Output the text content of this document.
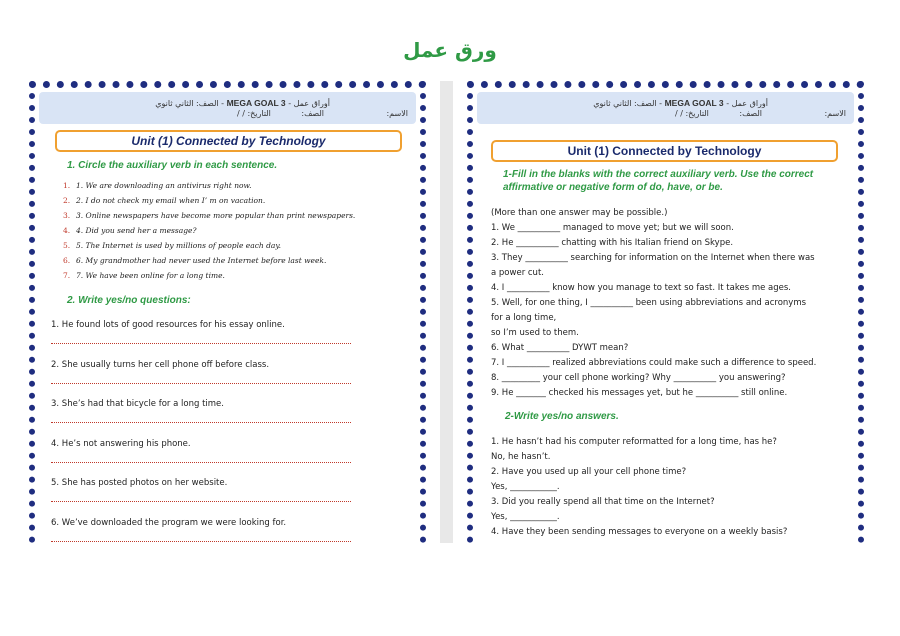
ورق عمل
أوراق عمل - MEGA GOAL 3 - الصف: الثاني ثانوي
الصف:            التاريخ: / /	الاسم:
Unit (1) Connected by Technology
1. Circle the auxiliary verb in each sentence.
1. 1. We are downloading an antivirus right now.
2. 2. I do not check my email when I’ m on vacation.
3. 3. Online newspapers have become more popular than print newspapers.
4. 4. Did you send her a message?
5. 5. The Internet is used by millions of people each day.
6. 6. My grandmother had never used the Internet before last week.
7. 7. We have been online for a long time.
2. Write yes/no questions:
1. He found lots of good resources for his essay online.
2. She usually turns her cell phone off before class.
3. She’s had that bicycle for a long time.
4. He’s not answering his phone.
5. She has posted photos on her website.
6. We’ve downloaded the program we were looking for.
أوراق عمل - MEGA GOAL 3 - الصف: الثاني ثانوي
الصف:            التاريخ: / /	الاسم:
Unit (1) Connected by Technology
1-Fill in the blanks with the correct auxiliary verb. Use the correct affirmative or negative form of do, have, or be.
(More than one answer may be possible.)
1. We __________ managed to move yet; but we will soon.
2. He __________ chatting with his Italian friend on Skype.
3. They __________ searching for information on the Internet when there was
a power cut.
4. I __________ know how you manage to text so fast. It takes me ages.
5. Well, for one thing, I __________ been using abbreviations and acronyms
for a long time,
so I’m used to them.
6. What __________ DYWT mean?
7. I __________ realized abbreviations could make such a difference to speed.
8. _________ your cell phone working? Why __________ you answering?
9. He _______ checked his messages yet, but he __________ still online.
2-Write yes/no answers.
1. He hasn’t had his computer reformatted for a long time, has he?
No, he hasn’t.
2. Have you used up all your cell phone time?
Yes, ___________.
3. Did you really spend all that time on the Internet?
Yes, ___________.
4. Have they been sending messages to everyone on a weekly basis?
